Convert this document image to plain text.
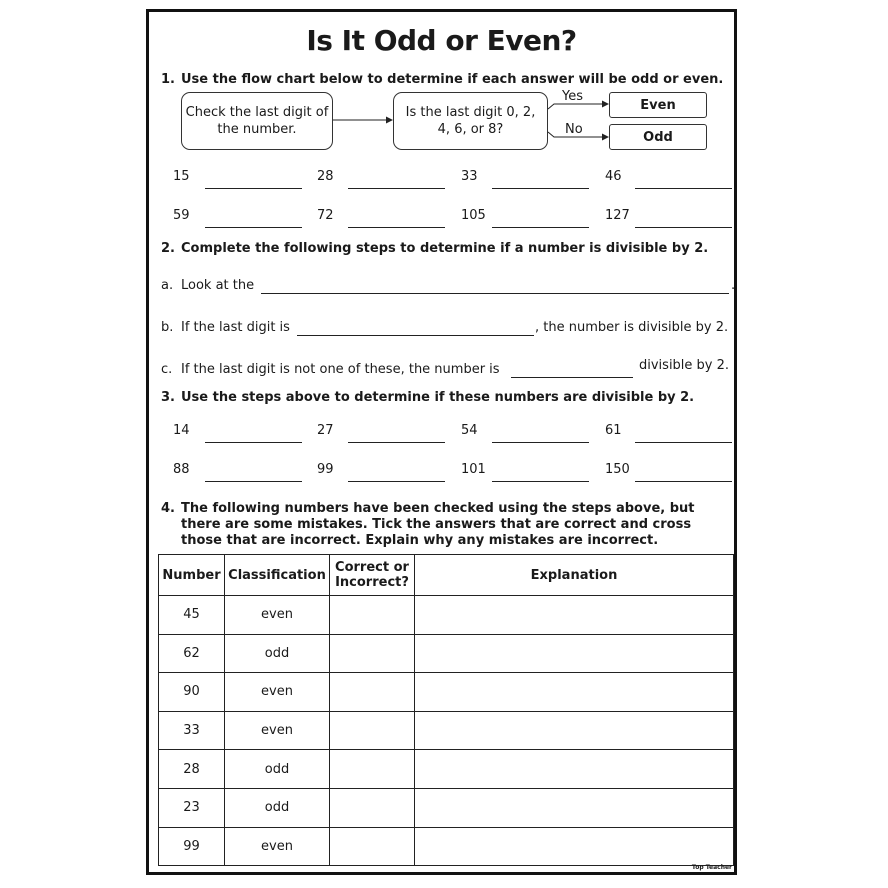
Is It Odd or Even?
1. Use the flow chart below to determine if each answer will be odd or even.
Check the last digit of the number.
Is the last digit 0, 2, 4, 6, or 8?
Even
Odd
Yes
No
15	28	33	46
59	72	105	127
2. Complete the following steps to determine if a number is divisible by 2.
a. Look at the	.
b. If the last digit is	, the number is divisible by 2.
c. If the last digit is not one of these, the number is	divisible by 2.
3. Use the steps above to determine if these numbers are divisible by 2.
14	27	54	61
88	99	101	150
4. The following numbers have been checked using the steps above, but there are some mistakes. Tick the answers that are correct and cross those that are incorrect. Explain why any mistakes are incorrect.
Number	Classification	Correct or Incorrect?	Explanation
45	even		
62	odd		
90	even		
33	even		
28	odd		
23	odd		
99	even		
Top Teacher
